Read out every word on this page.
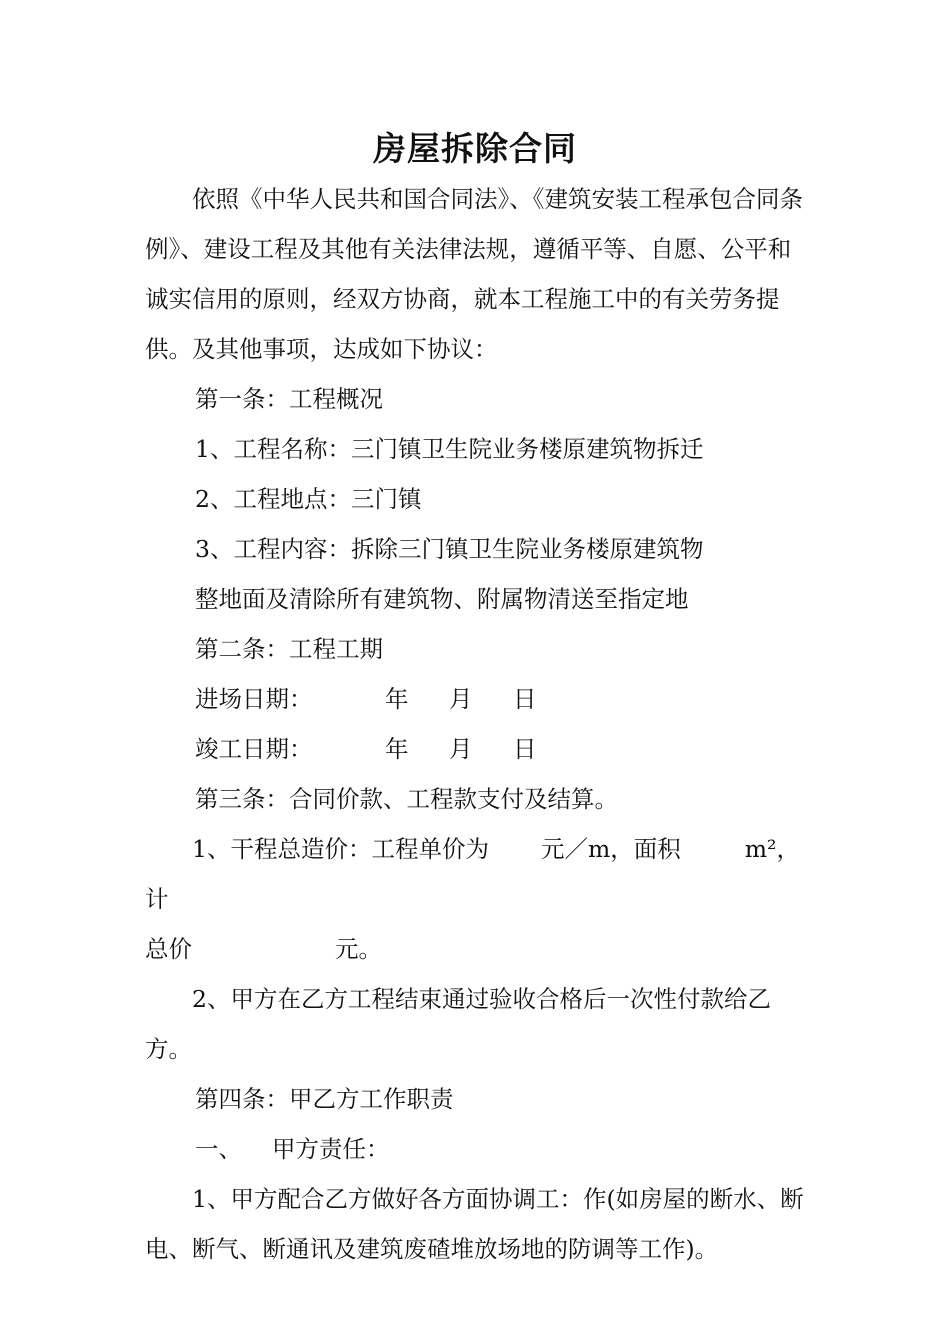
房屋拆除合同

依照《中华人民共和国合同法》、《建筑安装工程承包合同条例》、建设工程及其他有关法律法规，遵循平等、自愿、公平和诚实信用的原则，经双方协商，就本工程施工中的有关劳务提供。及其他事项，达成如下协议：

第一条：工程概况

1、工程名称：三门镇卫生院业务楼原建筑物拆迁

2、工程地点：三门镇

3、工程内容：拆除三门镇卫生院业务楼原建筑物

整地面及清除所有建筑物、附属物清送至指定地

第二条：工程工期

进场日期：	年 月 日

竣工日期：	年 月 日

第三条：合同价款、工程款支付及结算。

1、干程总造价：工程单价为 元／m，面积	m²，计
总价	元。

2、甲方在乙方工程结束通过验收合格后一次性付款给乙方。

第四条：甲乙方工作职责

一、 甲方责任：

1、甲方配合乙方做好各方面协调工：作(如房屋的断水、断电、断气、断通讯及建筑废碴堆放场地的防调等工作)。
